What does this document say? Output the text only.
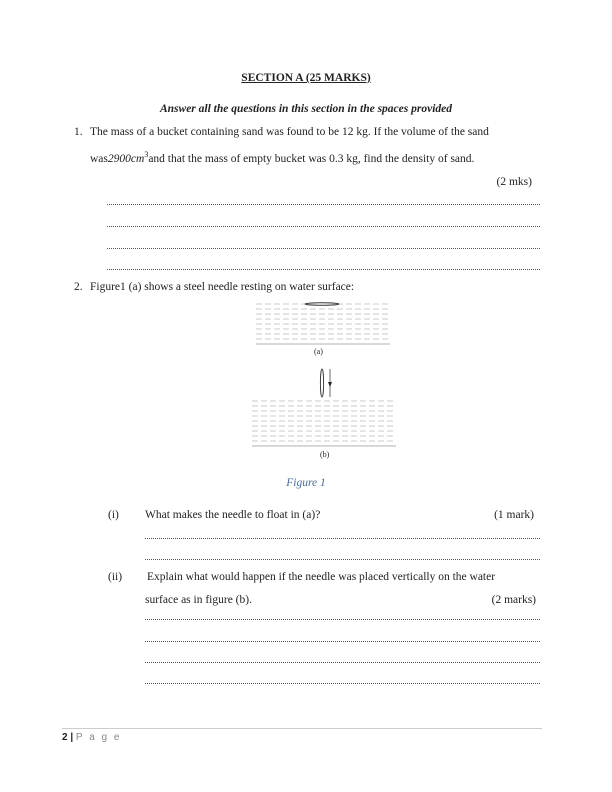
SECTION A (25 MARKS)
Answer all the questions in this section in the spaces provided
1. The mass of a bucket containing sand was found to be 12 kg. If the volume of the sand
$was2900cm^3and$ that the mass of empty bucket was 0.3 kg, find the density of sand.
(2 mks)
2. Figure1 (a) shows a steel needle resting on water surface:
(a)
(b)
Figure 1
(i) What makes the needle to float in (a)?	(1 mark)
(ii) Explain what would happen if the needle was placed vertically on the water
surface as in figure (b).	(2 marks)
2 | P a g e
